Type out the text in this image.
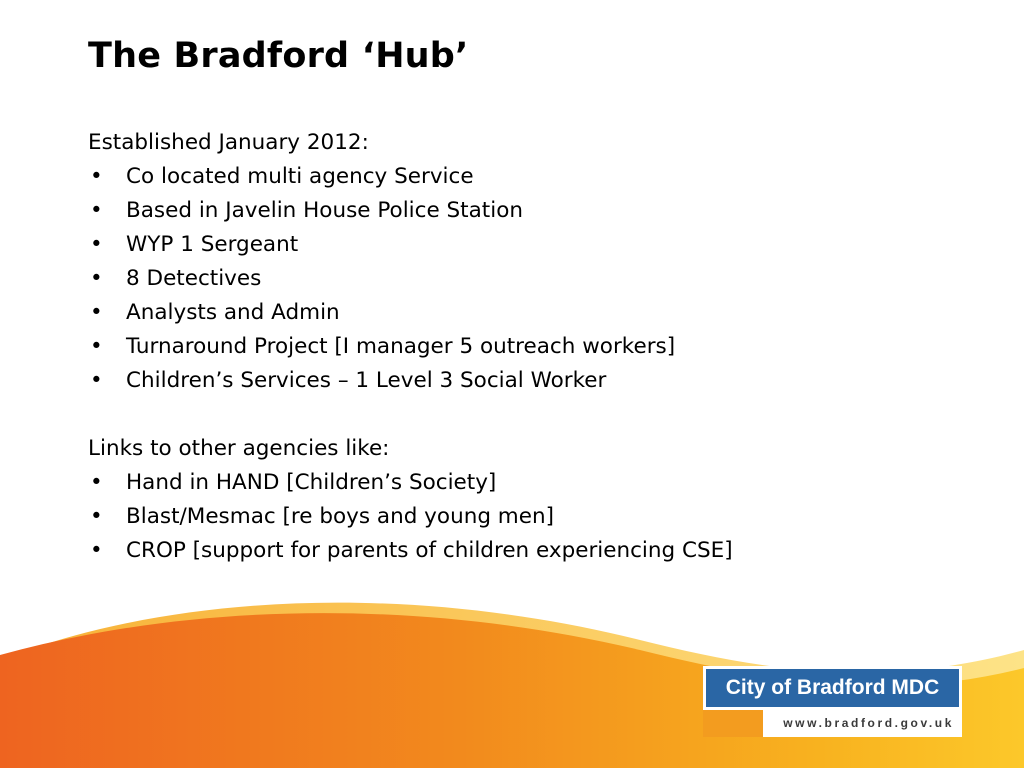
The Bradford ‘Hub’

Established January 2012:

• Co located multi agency Service
• Based in Javelin House Police Station
• WYP 1 Sergeant
• 8 Detectives
• Analysts and Admin
• Turnaround Project [I manager 5 outreach workers]
• Children’s Services – 1 Level 3 Social Worker

Links to other agencies like:

• Hand in HAND [Children’s Society]
• Blast/Mesmac [re boys and young men]
• CROP [support for parents of children experiencing CSE]
City of Bradford MDC
www.bradford.gov.uk
